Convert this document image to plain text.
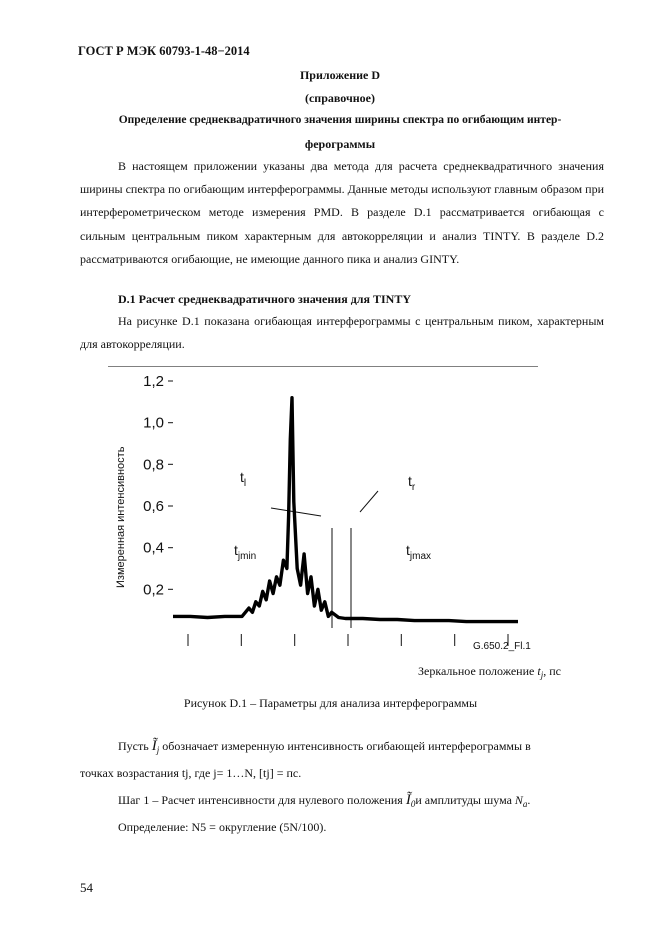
ГОСТ Р МЭК 60793-1-48−2014
Приложение D
(справочное)
Определение среднеквадратичного значения ширины спектра по огибающим интер-
ферограммы
В настоящем приложении указаны два метода для расчета среднеквадратичного значения ширины спектра по огибающим интерферограммы. Данные методы используют главным образом при интерферометрическом методе измерения PMD. В разделе D.1 рассматривается огибающая с сильным центральным пиком характерным для автокорреляции и анализ TINTY. В разделе D.2 рассматриваются огибающие, не имеющие данного пика и анализ GINTY.
D.1 Расчет среднеквадратичного значения для TINTY
На рисунке D.1 показана огибающая интерферограммы с центральным пиком, характерным для автокорреляции.
1,2
1,0
0,8
0,6
0,4
0,2
Измеренная интенсивность	$t_l$	$t_r$
$t_{jmin}$	$t_{jmax}$
G.650.2_Fl.1
Зеркальное положение $t_j$, пс
Рисунок D.1 – Параметры для анализа интерферограммы
Пусть $Ĩ_j$ обозначает измеренную интенсивность огибающей интерферограммы в
точках возрастания tj, где j= 1…N, [tj] = пс.
Шаг 1 – Расчет интенсивности для нулевого положения $Ĩ_0и$ амплитуды шума $N_a$.
Определение: N5 = округление (5N/100).
54
